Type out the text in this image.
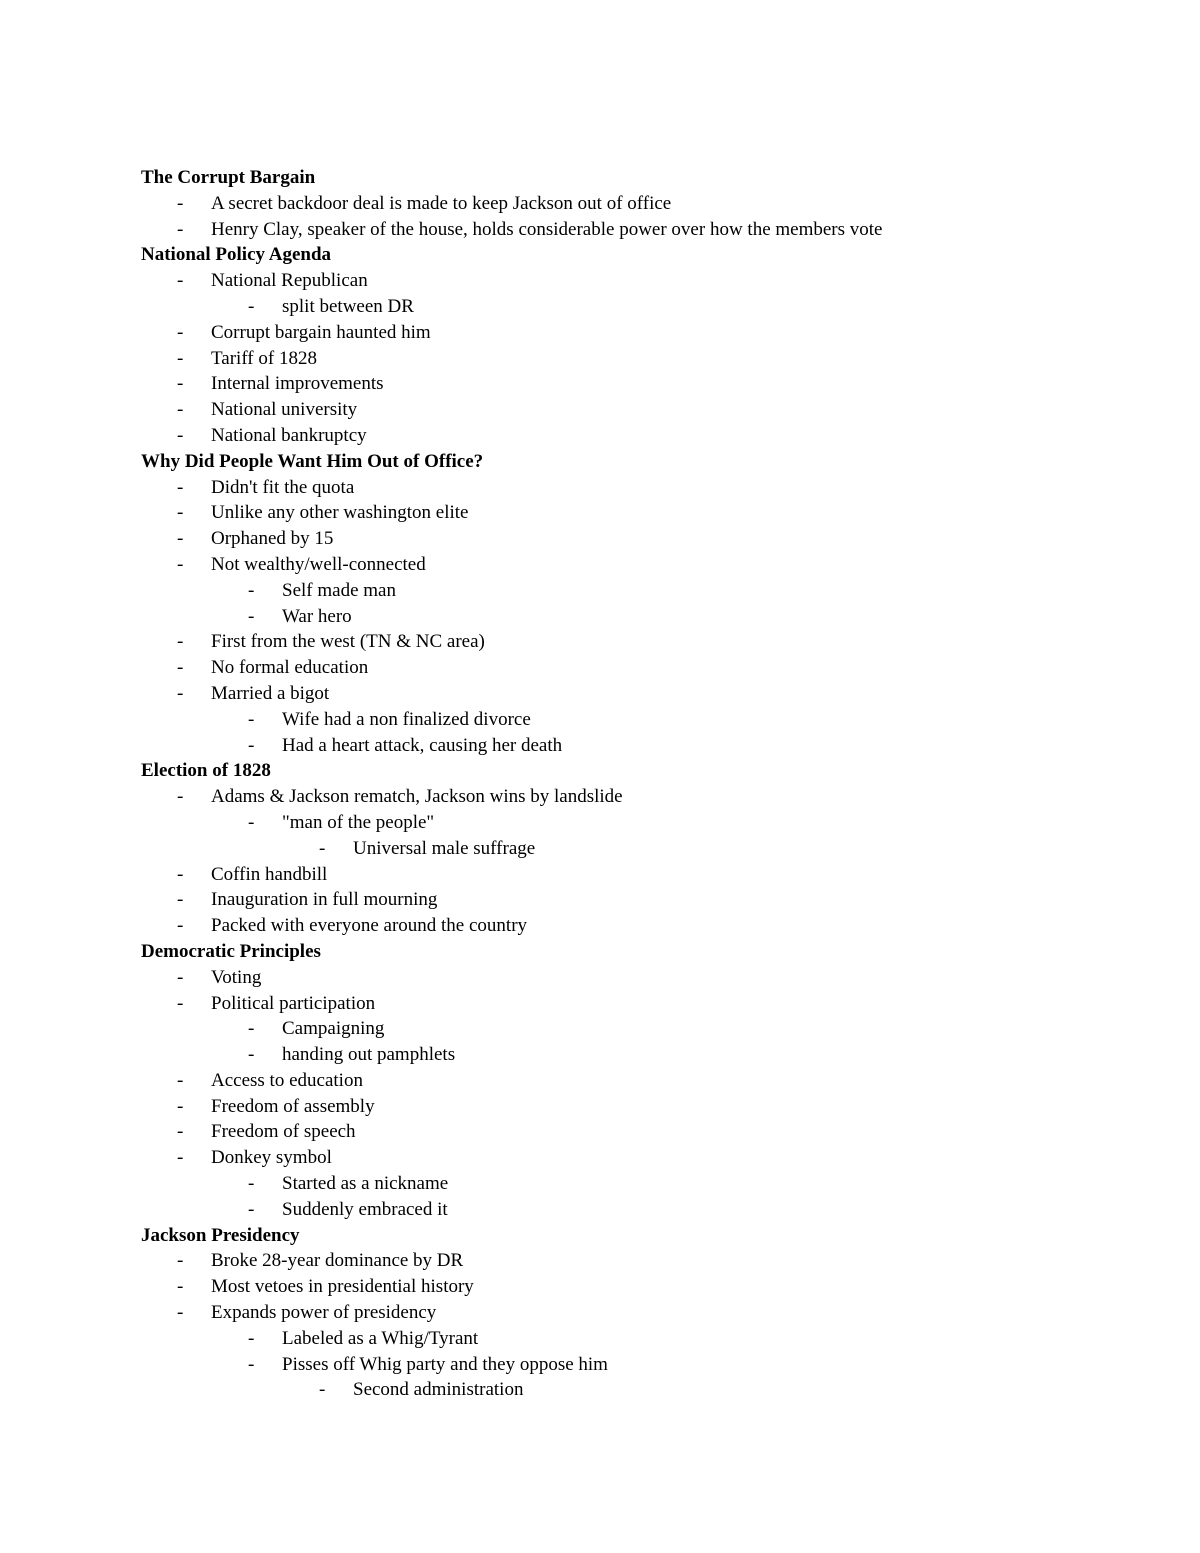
The Corrupt Bargain
- A secret backdoor deal is made to keep Jackson out of office
- Henry Clay, speaker of the house, holds considerable power over how the members vote
National Policy Agenda
- National Republican
- split between DR
- Corrupt bargain haunted him
- Tariff of 1828
- Internal improvements
- National university
- National bankruptcy
Why Did People Want Him Out of Office?
- Didn't fit the quota
- Unlike any other washington elite
- Orphaned by 15
- Not wealthy/well-connected
- Self made man
- War hero
- First from the west (TN & NC area)
- No formal education
- Married a bigot
- Wife had a non finalized divorce
- Had a heart attack, causing her death
Election of 1828
- Adams & Jackson rematch, Jackson wins by landslide
- "man of the people"
- Universal male suffrage
- Coffin handbill
- Inauguration in full mourning
- Packed with everyone around the country
Democratic Principles
- Voting
- Political participation
- Campaigning
- handing out pamphlets
- Access to education
- Freedom of assembly
- Freedom of speech
- Donkey symbol
- Started as a nickname
- Suddenly embraced it
Jackson Presidency
- Broke 28-year dominance by DR
- Most vetoes in presidential history
- Expands power of presidency
- Labeled as a Whig/Tyrant
- Pisses off Whig party and they oppose him
- Second administration
